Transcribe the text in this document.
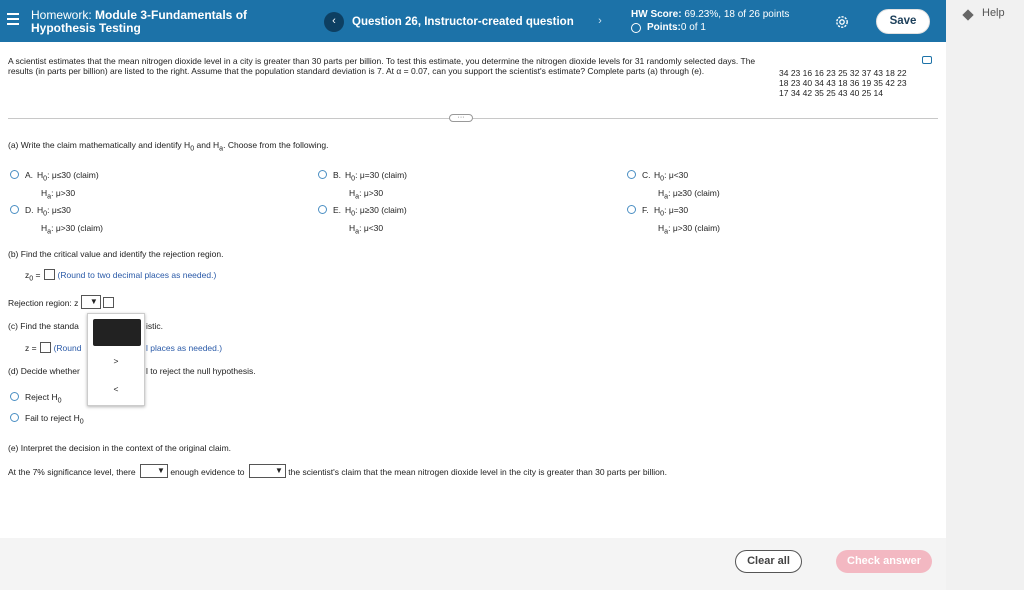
Homework: Module 3-Fundamentals of
Hypothesis Testing	‹	Question 26, Instructor-created question	›
HW Score: 69.23%, 18 of 26 points
Points: 0 of 1
Save
Help
A scientist estimates that the mean nitrogen dioxide level in a city is greater than 30 parts per billion. To test this estimate, you determine the nitrogen dioxide levels for 31 randomly selected days. The results (in parts per billion) are listed to the right. Assume that the population standard deviation is 7. At α = 0.07, can you support the scientist's estimate? Complete parts (a) through (e).	34 23 16 16 23 25 32 37 43 18 22
18 23 40 34 43 18 36 19 35 42 23
17 34 42 35 25 43 40 25 14
···
(a) Write the claim mathematically and identify $H_0$ and $H_a$. Choose from the following.
A. $H_0$: μ≤30 (claim)
$H_a$: μ>30
B. $H_0$: μ=30 (claim)
$H_a$: μ>30
C. $H_0$: μ<30
$H_a$: μ≥30 (claim)
D. $H_0$: μ≤30
$H_a$: μ>30 (claim)
E. $H_0$: μ≥30 (claim)
$H_a$: μ<30
F. $H_0$: μ=30
$H_a$: μ>30 (claim)
(b) Find the critical value and identify the rejection region.
$z_0$ = (Round to two decimal places as needed.)
Rejection region: z ▼
(c) Find the standa	istic.
z = (Round	l places as needed.)
(d) Decide whether	l to reject the null hypothesis.
Reject $H_0$
Fail to reject $H_0$
(e) Interpret the decision in the context of the original claim.
At the 7% significance level, there	▼ enough evidence to	▼ the scientist's claim that the mean nitrogen dioxide level in the city is greater than 30 parts per billion.
>
<
Clear all	Check answer
